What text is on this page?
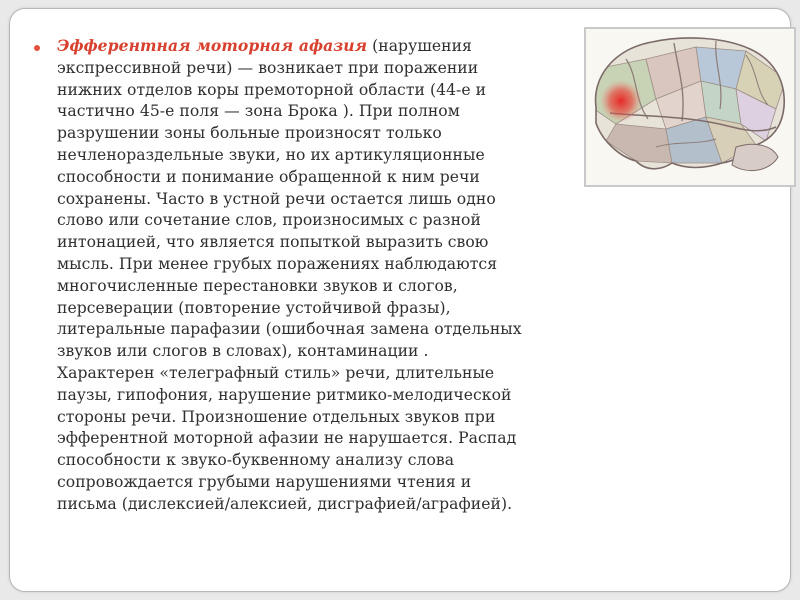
Эфферентная моторная афазия (нарушения
экспрессивной речи) — возникает при поражении
нижних отделов коры премоторной области (44-е и
частично 45-е поля — зона Брока ). При полном
разрушении зоны больные произносят только
нечленораздельные звуки, но их артикуляционные
способности и понимание обращенной к ним речи
сохранены. Часто в устной речи остается лишь одно
слово или сочетание слов, произносимых с разной
интонацией, что является попыткой выразить свою
мысль. При менее грубых поражениях наблюдаются
многочисленные перестановки звуков и слогов,
персеверации (повторение устойчивой фразы),
литеральные парафазии (ошибочная замена отдельных
звуков или слогов в словах), контаминации .
Характерен «телеграфный стиль» речи, длительные
паузы, гипофония, нарушение ритмико-мелодической
стороны речи. Произношение отдельных звуков при
эфферентной моторной афазии не нарушается. Распад
способности к звуко-буквенному анализу слова
сопровождается грубыми нарушениями чтения и
письма (дислексией/алексией, дисграфией/аграфией).
